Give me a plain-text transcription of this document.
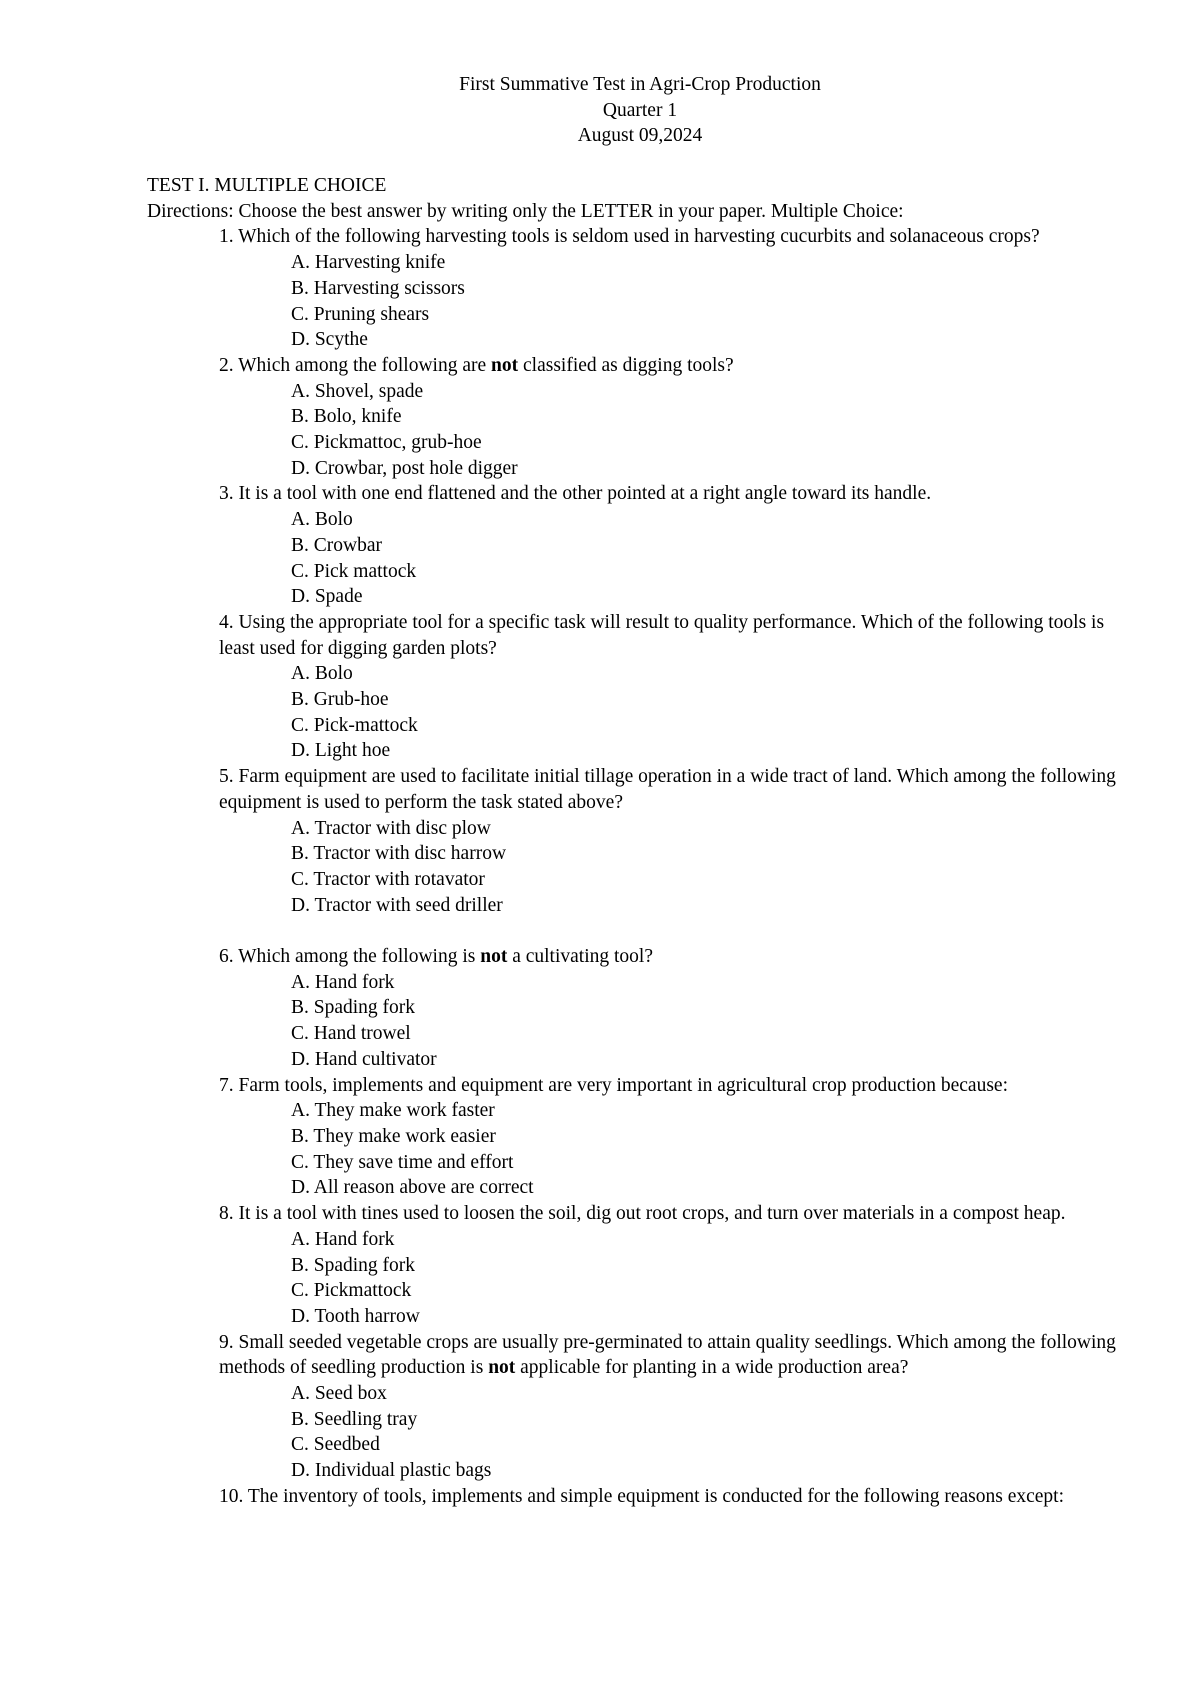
First Summative Test in Agri-Crop Production
Quarter 1
August 09,2024
TEST I. MULTIPLE CHOICE
Directions: Choose the best answer by writing only the LETTER in your paper. Multiple Choice:
1. Which of the following harvesting tools is seldom used in harvesting cucurbits and solanaceous crops?
A. Harvesting knife
B. Harvesting scissors
C. Pruning shears
D. Scythe
2. Which among the following are not classified as digging tools?
A. Shovel, spade
B. Bolo, knife
C. Pickmattoc, grub-hoe
D. Crowbar, post hole digger
3. It is a tool with one end flattened and the other pointed at a right angle toward its handle.
A. Bolo
B. Crowbar
C. Pick mattock
D. Spade
4. Using the appropriate tool for a specific task will result to quality performance. Which of the following tools is least used for digging garden plots?
A. Bolo
B. Grub-hoe
C. Pick-mattock
D. Light hoe
5. Farm equipment are used to facilitate initial tillage operation in a wide tract of land. Which among the following equipment is used to perform the task stated above?
A. Tractor with disc plow
B. Tractor with disc harrow
C. Tractor with rotavator
D. Tractor with seed driller
6. Which among the following is not a cultivating tool?
A. Hand fork
B. Spading fork
C. Hand trowel
D. Hand cultivator
7. Farm tools, implements and equipment are very important in agricultural crop production because:
A. They make work faster
B. They make work easier
C. They save time and effort
D. All reason above are correct
8. It is a tool with tines used to loosen the soil, dig out root crops, and turn over materials in a compost heap.
A. Hand fork
B. Spading fork
C. Pickmattock
D. Tooth harrow
9. Small seeded vegetable crops are usually pre-germinated to attain quality seedlings. Which among the following methods of seedling production is not applicable for planting in a wide production area?
A. Seed box
B. Seedling tray
C. Seedbed
D. Individual plastic bags
10. The inventory of tools, implements and simple equipment is conducted for the following reasons except:
